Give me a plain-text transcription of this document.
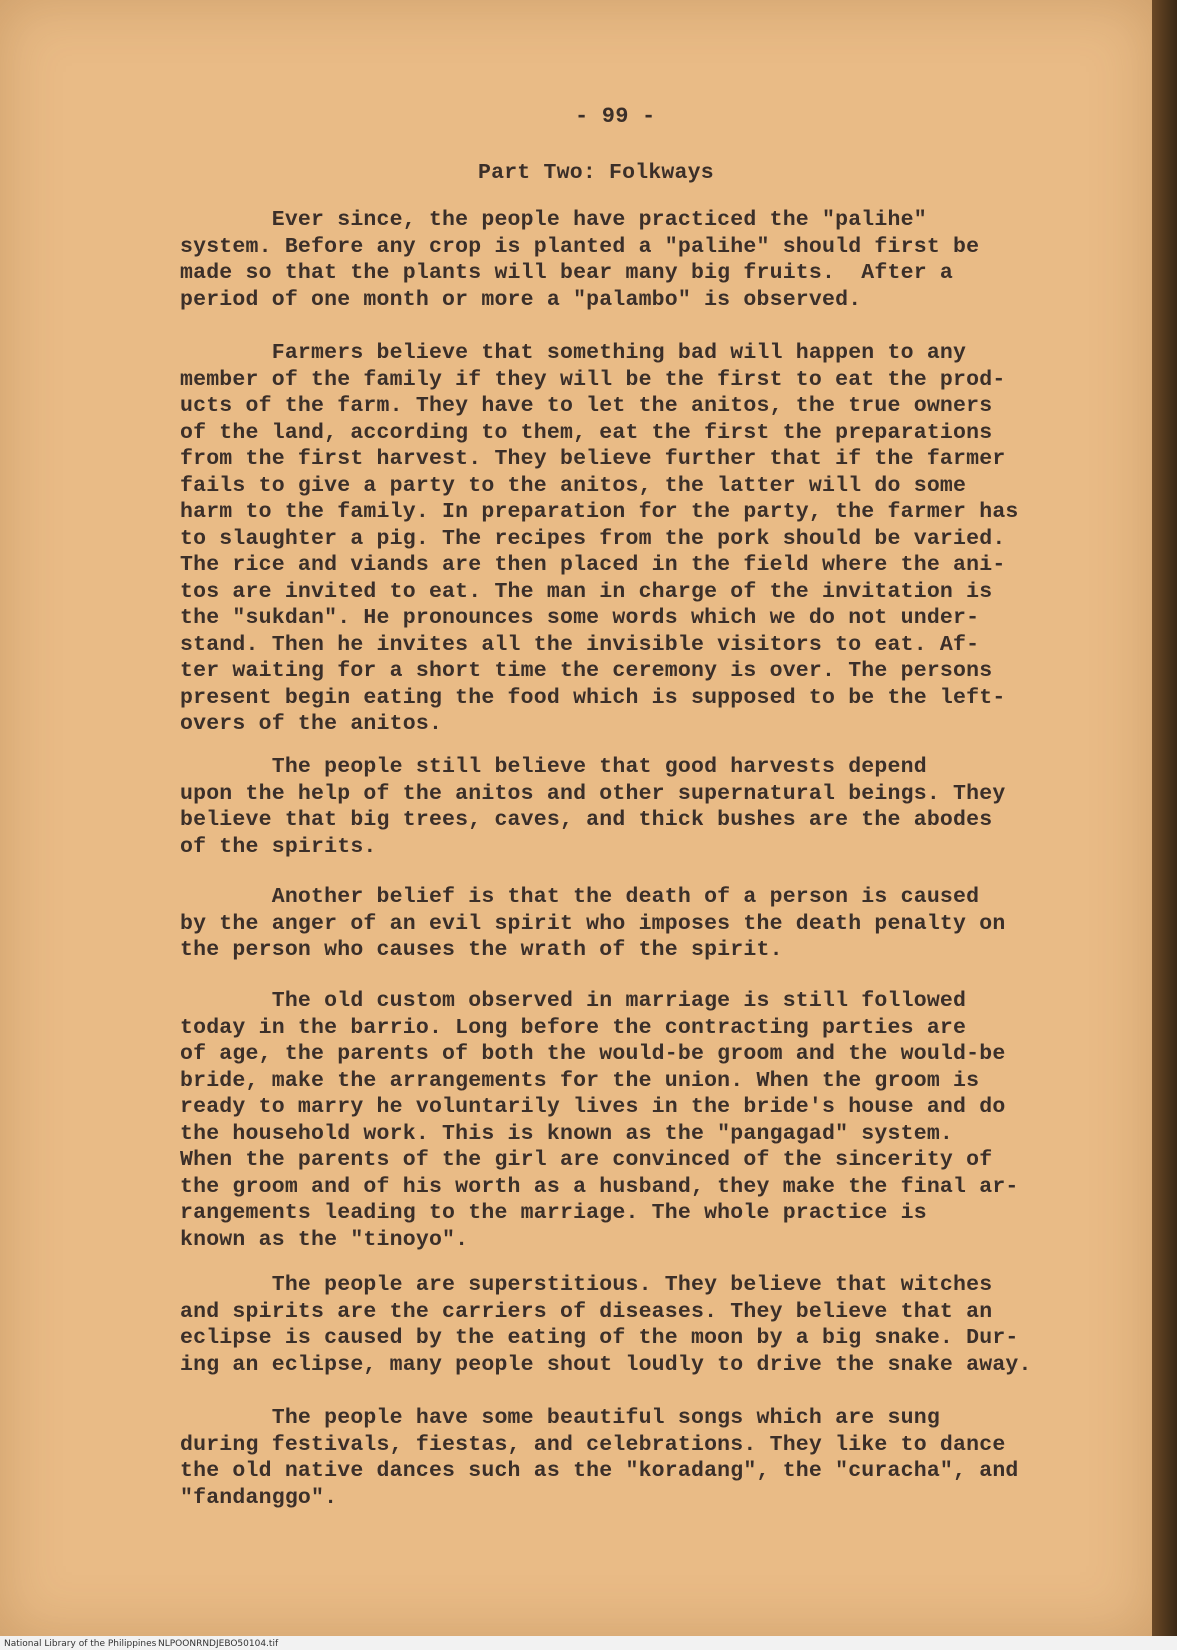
- 99 -
Part Two: Folkways
Ever since, the people have practiced the "palihe"
system. Before any crop is planted a "palihe" should first be
made so that the plants will bear many big fruits.  After a
period of one month or more a "palambo" is observed.
Farmers believe that something bad will happen to any
member of the family if they will be the first to eat the prod-
ucts of the farm. They have to let the anitos, the true owners
of the land, according to them, eat the first the preparations
from the first harvest. They believe further that if the farmer
fails to give a party to the anitos, the latter will do some
harm to the family. In preparation for the party, the farmer has
to slaughter a pig. The recipes from the pork should be varied.
The rice and viands are then placed in the field where the ani-
tos are invited to eat. The man in charge of the invitation is
the "sukdan". He pronounces some words which we do not under-
stand. Then he invites all the invisible visitors to eat. Af-
ter waiting for a short time the ceremony is over. The persons
present begin eating the food which is supposed to be the left-
overs of the anitos.
The people still believe that good harvests depend
upon the help of the anitos and other supernatural beings. They
believe that big trees, caves, and thick bushes are the abodes
of the spirits.
Another belief is that the death of a person is caused
by the anger of an evil spirit who imposes the death penalty on
the person who causes the wrath of the spirit.
The old custom observed in marriage is still followed
today in the barrio. Long before the contracting parties are
of age, the parents of both the would-be groom and the would-be
bride, make the arrangements for the union. When the groom is
ready to marry he voluntarily lives in the bride's house and do
the household work. This is known as the "pangagad" system.
When the parents of the girl are convinced of the sincerity of
the groom and of his worth as a husband, they make the final ar-
rangements leading to the marriage. The whole practice is
known as the "tinoyo".
The people are superstitious. They believe that witches
and spirits are the carriers of diseases. They believe that an
eclipse is caused by the eating of the moon by a big snake. Dur-
ing an eclipse, many people shout loudly to drive the snake away.
The people have some beautiful songs which are sung
during festivals, fiestas, and celebrations. They like to dance
the old native dances such as the "koradang", the "curacha", and
"fandanggo".
National Library of the Philippines NLPOONRNDJEBO50104.tif
